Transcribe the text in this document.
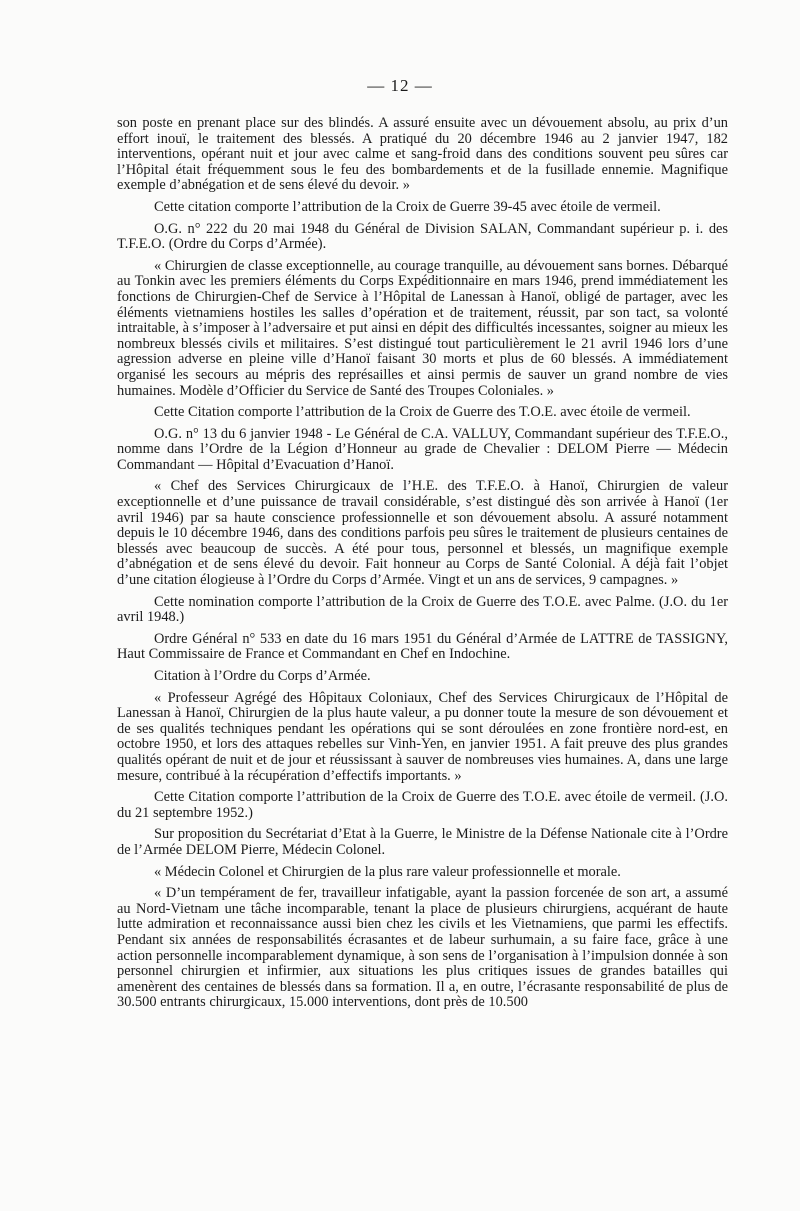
— 12 —

son poste en prenant place sur des blindés. A assuré ensuite avec un dévouement absolu, au prix d’un effort inouï, le traitement des blessés. A pratiqué du 20 décembre 1946 au 2 janvier 1947, 182 interventions, opérant nuit et jour avec calme et sang-froid dans des conditions souvent peu sûres car l’Hôpital était fréquemment sous le feu des bombardements et de la fusillade ennemie. Magnifique exemple d’abnégation et de sens élevé du devoir. »

Cette citation comporte l’attribution de la Croix de Guerre 39-45 avec étoile de vermeil.

O.G. n° 222 du 20 mai 1948 du Général de Division SALAN, Commandant supérieur p. i. des T.F.E.O. (Ordre du Corps d’Armée).

« Chirurgien de classe exceptionnelle, au courage tranquille, au dévouement sans bornes. Débarqué au Tonkin avec les premiers éléments du Corps Expéditionnaire en mars 1946, prend immédiatement les fonctions de Chirurgien-Chef de Service à l’Hôpital de Lanessan à Hanoï, obligé de partager, avec les éléments vietnamiens hostiles les salles d’opération et de traitement, réussit, par son tact, sa volonté intraitable, à s’imposer à l’adversaire et put ainsi en dépit des difficultés incessantes, soigner au mieux les nombreux blessés civils et militaires. S’est distingué tout particulièrement le 21 avril 1946 lors d’une agression adverse en pleine ville d’Hanoï faisant 30 morts et plus de 60 blessés. A immédiatement organisé les secours au mépris des représailles et ainsi permis de sauver un grand nombre de vies humaines. Modèle d’Officier du Service de Santé des Troupes Coloniales. »

Cette Citation comporte l’attribution de la Croix de Guerre des T.O.E. avec étoile de vermeil.

O.G. n° 13 du 6 janvier 1948 - Le Général de C.A. VALLUY, Commandant supérieur des T.F.E.O., nomme dans l’Ordre de la Légion d’Honneur au grade de Chevalier : DELOM Pierre — Médecin Commandant — Hôpital d’Evacuation d’Hanoï.

« Chef des Services Chirurgicaux de l’H.E. des T.F.E.O. à Hanoï, Chirurgien de valeur exceptionnelle et d’une puissance de travail considérable, s’est distingué dès son arrivée à Hanoï (1er avril 1946) par sa haute conscience professionnelle et son dévouement absolu. A assuré notamment depuis le 10 décembre 1946, dans des conditions parfois peu sûres le traitement de plusieurs centaines de blessés avec beaucoup de succès. A été pour tous, personnel et blessés, un magnifique exemple d’abnégation et de sens élevé du devoir. Fait honneur au Corps de Santé Colonial. A déjà fait l’objet d’une citation élogieuse à l’Ordre du Corps d’Armée. Vingt et un ans de services, 9 campagnes. »

Cette nomination comporte l’attribution de la Croix de Guerre des T.O.E. avec Palme. (J.O. du 1er avril 1948.)

Ordre Général n° 533 en date du 16 mars 1951 du Général d’Armée de LATTRE de TASSIGNY, Haut Commissaire de France et Commandant en Chef en Indochine.

Citation à l’Ordre du Corps d’Armée.

« Professeur Agrégé des Hôpitaux Coloniaux, Chef des Services Chirurgicaux de l’Hôpital de Lanessan à Hanoï, Chirurgien de la plus haute valeur, a pu donner toute la mesure de son dévouement et de ses qualités techniques pendant les opérations qui se sont déroulées en zone frontière nord-est, en octobre 1950, et lors des attaques rebelles sur Vinh-Yen, en janvier 1951. A fait preuve des plus grandes qualités opérant de nuit et de jour et réussissant à sauver de nombreuses vies humaines. A, dans une large mesure, contribué à la récupération d’effectifs importants. »

Cette Citation comporte l’attribution de la Croix de Guerre des T.O.E. avec étoile de vermeil. (J.O. du 21 septembre 1952.)

Sur proposition du Secrétariat d’Etat à la Guerre, le Ministre de la Défense Nationale cite à l’Ordre de l’Armée DELOM Pierre, Médecin Colonel.

« Médecin Colonel et Chirurgien de la plus rare valeur professionnelle et morale.

« D’un tempérament de fer, travailleur infatigable, ayant la passion forcenée de son art, a assumé au Nord-Vietnam une tâche incomparable, tenant la place de plusieurs chirurgiens, acquérant de haute lutte admiration et reconnaissance aussi bien chez les civils et les Vietnamiens, que parmi les effectifs. Pendant six années de responsabilités écrasantes et de labeur surhumain, a su faire face, grâce à une action personnelle incomparablement dynamique, à son sens de l’organisation à l’impulsion donnée à son personnel chirurgien et infirmier, aux situations les plus critiques issues de grandes batailles qui amenèrent des centaines de blessés dans sa formation. Il a, en outre, l’écrasante responsabilité de plus de 30.500 entrants chirurgicaux, 15.000 interventions, dont près de 10.500
